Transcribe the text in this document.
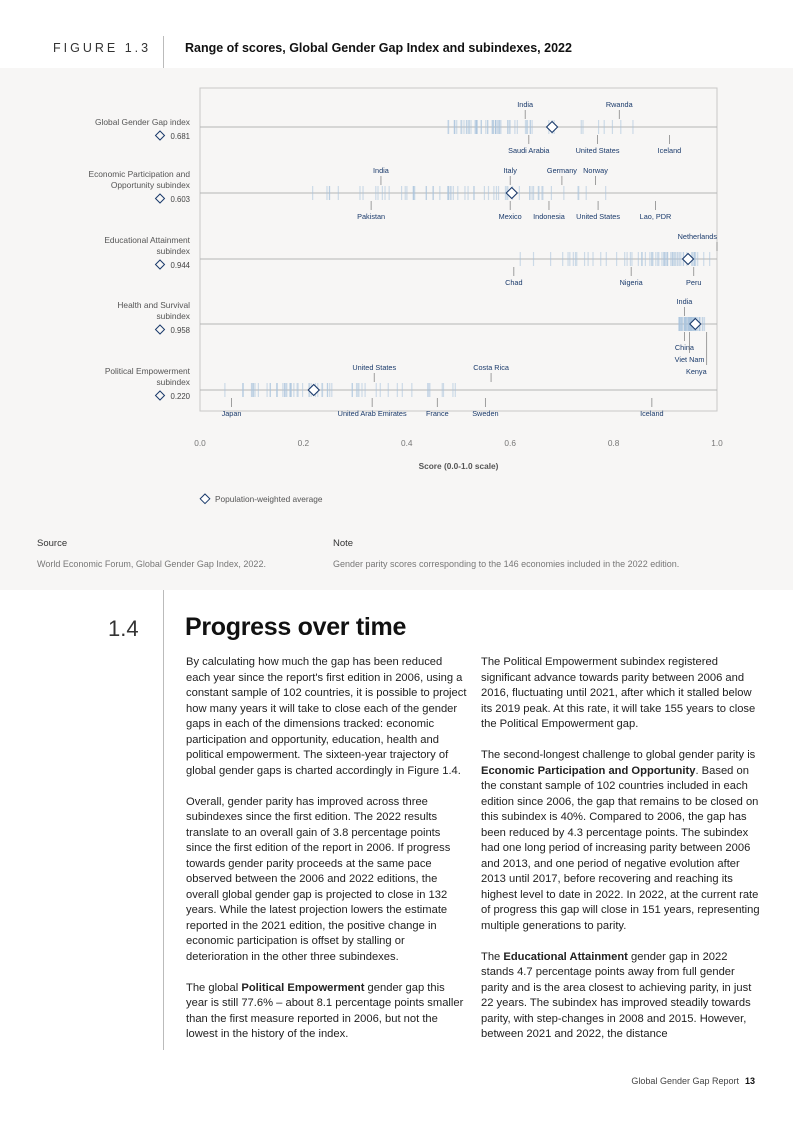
FIGURE 1.3	Range of scores, Global Gender Gap Index and subindexes, 2022
Global Gender Gap index
0.681
India	Rwanda
Saudi Arabia	United States	Iceland
Economic Participation and
Opportunity subindex
0.603
India	Italy	Germany Norway
Pakistan	Mexico Indonesia United States	Lao, PDR
Educational Attainment
subindex
0.944
Netherlands
Chad	Nigeria	Peru
Health and Survival
subindex
0.958
India
China
Viet Nam
Kenya
Political Empowerment
subindex
0.220
United States	Costa Rica
Japan	United Arab Emirates	France	Sweden	Iceland
0.0	0.2	0.4	0.6	0.8	1.0
Score (0.0-1.0 scale)
Population-weighted average
Source
World Economic Forum, Global Gender Gap Index, 2022.
Note
Gender parity scores corresponding to the 146 economies included in the 2022 edition.
1.4 Progress over time

By calculating how much the gap has been reduced each year since the report's first edition in 2006, using a constant sample of 102 countries, it is possible to project how many years it will take to close each of the gender gaps in each of the dimensions tracked: economic participation and opportunity, education, health and political empowerment. The sixteen-year trajectory of global gender gaps is charted accordingly in Figure 1.4.

Overall, gender parity has improved across three subindexes since the first edition. The 2022 results translate to an overall gain of 3.8 percentage points since the first edition of the report in 2006. If progress towards gender parity proceeds at the same pace observed between the 2006 and 2022 editions, the overall global gender gap is projected to close in 132 years. While the latest projection lowers the estimate reported in the 2021 edition, the positive change in economic participation is offset by stalling or deterioration in the other three subindexes.

The global Political Empowerment gender gap this year is still 77.6% – about 8.1 percentage points smaller than the first measure reported in 2006, but not the lowest in the history of the index.

The Political Empowerment subindex registered significant advance towards parity between 2006 and 2016, fluctuating until 2021, after which it stalled below its 2019 peak. At this rate, it will take 155 years to close the Political Empowerment gap.

The second-longest challenge to global gender parity is Economic Participation and Opportunity. Based on the constant sample of 102 countries included in each edition since 2006, the gap that remains to be closed on this subindex is 40%. Compared to 2006, the gap has been reduced by 4.3 percentage points. The subindex had one long period of increasing parity between 2006 and 2013, and one period of negative evolution after 2013 until 2017, before recovering and reaching its highest level to date in 2022. In 2022, at the current rate of progress this gap will close in 151 years, representing multiple generations to parity.

The Educational Attainment gender gap in 2022 stands 4.7 percentage points away from full gender parity and is the area closest to achieving parity, in just 22 years. The subindex has improved steadily towards parity, with step-changes in 2008 and 2015. However, between 2021 and 2022, the distance

Global Gender Gap Report 13
